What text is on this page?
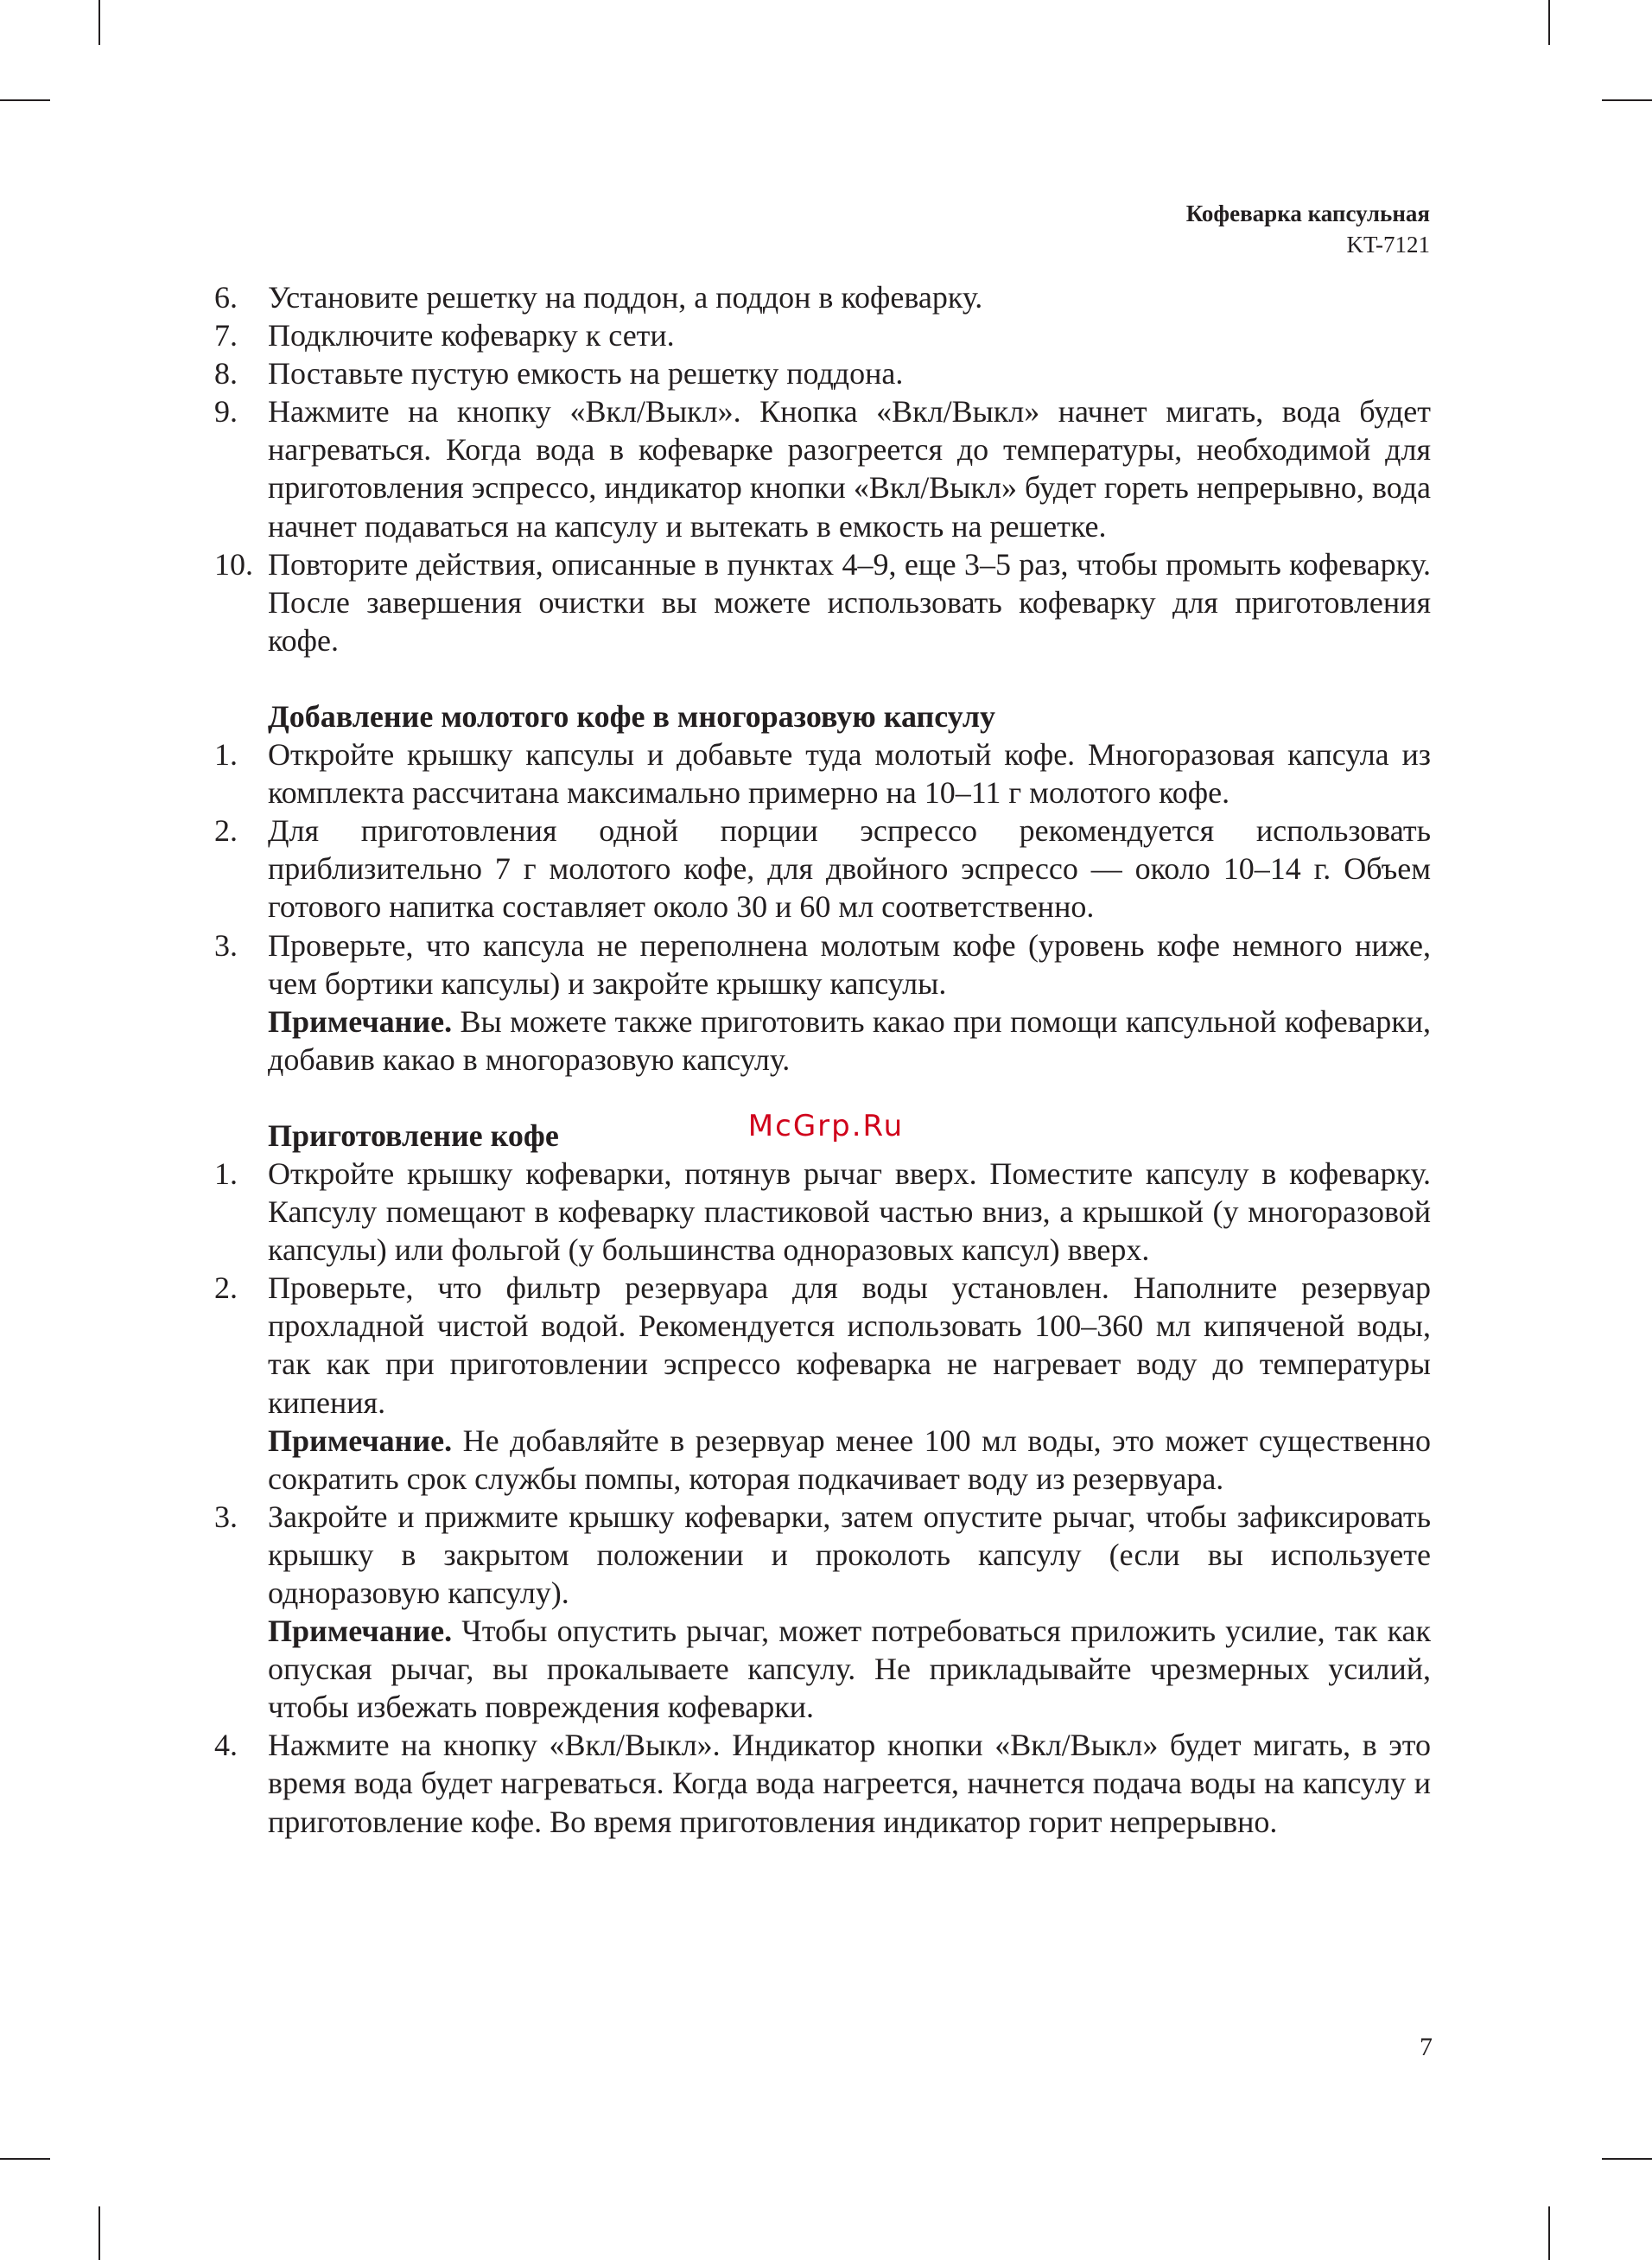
Кофеварка капсульная
KT-7121
6. Установите решетку на поддон, а поддон в кофеварку.
7. Подключите кофеварку к сети.
8. Поставьте пустую емкость на решетку поддона.
9. Нажмите на кнопку «Вкл/Выкл». Кнопка «Вкл/Выкл» начнет мигать, вода будет нагреваться. Когда вода в кофеварке разогреется до температуры, необходимой для приготовления эспрессо, индикатор кнопки «Вкл/Выкл» будет гореть непрерывно, вода начнет подаваться на капсулу и вытекать в емкость на решетке.
10. Повторите действия, описанные в пунктах 4–9, еще 3–5 раз, чтобы промыть кофеварку. После завершения очистки вы можете использовать кофеварку для приготовления кофе.
Добавление молотого кофе в многоразовую капсулу
1. Откройте крышку капсулы и добавьте туда молотый кофе. Многоразовая капсула из комплекта рассчитана максимально примерно на 10–11 г молотого кофе.
2. Для приготовления одной порции эспрессо рекомендуется использовать приблизительно 7 г молотого кофе, для двойного эспрессо — около 10–14 г. Объем готового напитка составляет около 30 и 60 мл соответственно.
3. Проверьте, что капсула не переполнена молотым кофе (уровень кофе немного ниже, чем бортики капсулы) и закройте крышку капсулы.
Примечание. Вы можете также приготовить какао при помощи капсульной кофеварки, добавив какао в многоразовую капсулу.
Приготовление кофе
1. Откройте крышку кофеварки, потянув рычаг вверх. Поместите капсулу в кофеварку. Капсулу помещают в кофеварку пластиковой частью вниз, а крышкой (у многоразовой капсулы) или фольгой (у большинства одноразовых капсул) вверх.
2. Проверьте, что фильтр резервуара для воды установлен. Наполните резервуар прохладной чистой водой. Рекомендуется использовать 100–360 мл кипяченой воды, так как при приготовлении эспрессо кофеварка не нагревает воду до температуры кипения.
Примечание. Не добавляйте в резервуар менее 100 мл воды, это может существенно сократить срок службы помпы, которая подкачивает воду из резервуара.
3. Закройте и прижмите крышку кофеварки, затем опустите рычаг, чтобы зафиксировать крышку в закрытом положении и проколоть капсулу (если вы используете одноразовую капсулу).
Примечание. Чтобы опустить рычаг, может потребоваться приложить усилие, так как опуская рычаг, вы прокалываете капсулу. Не прикладывайте чрезмерных усилий, чтобы избежать повреждения кофеварки.
4. Нажмите на кнопку «Вкл/Выкл». Индикатор кнопки «Вкл/Выкл» будет мигать, в это время вода будет нагреваться. Когда вода нагреется, начнется подача воды на капсулу и приготовление кофе. Во время приготовления индикатор горит непрерывно.
McGrp.Ru
7
